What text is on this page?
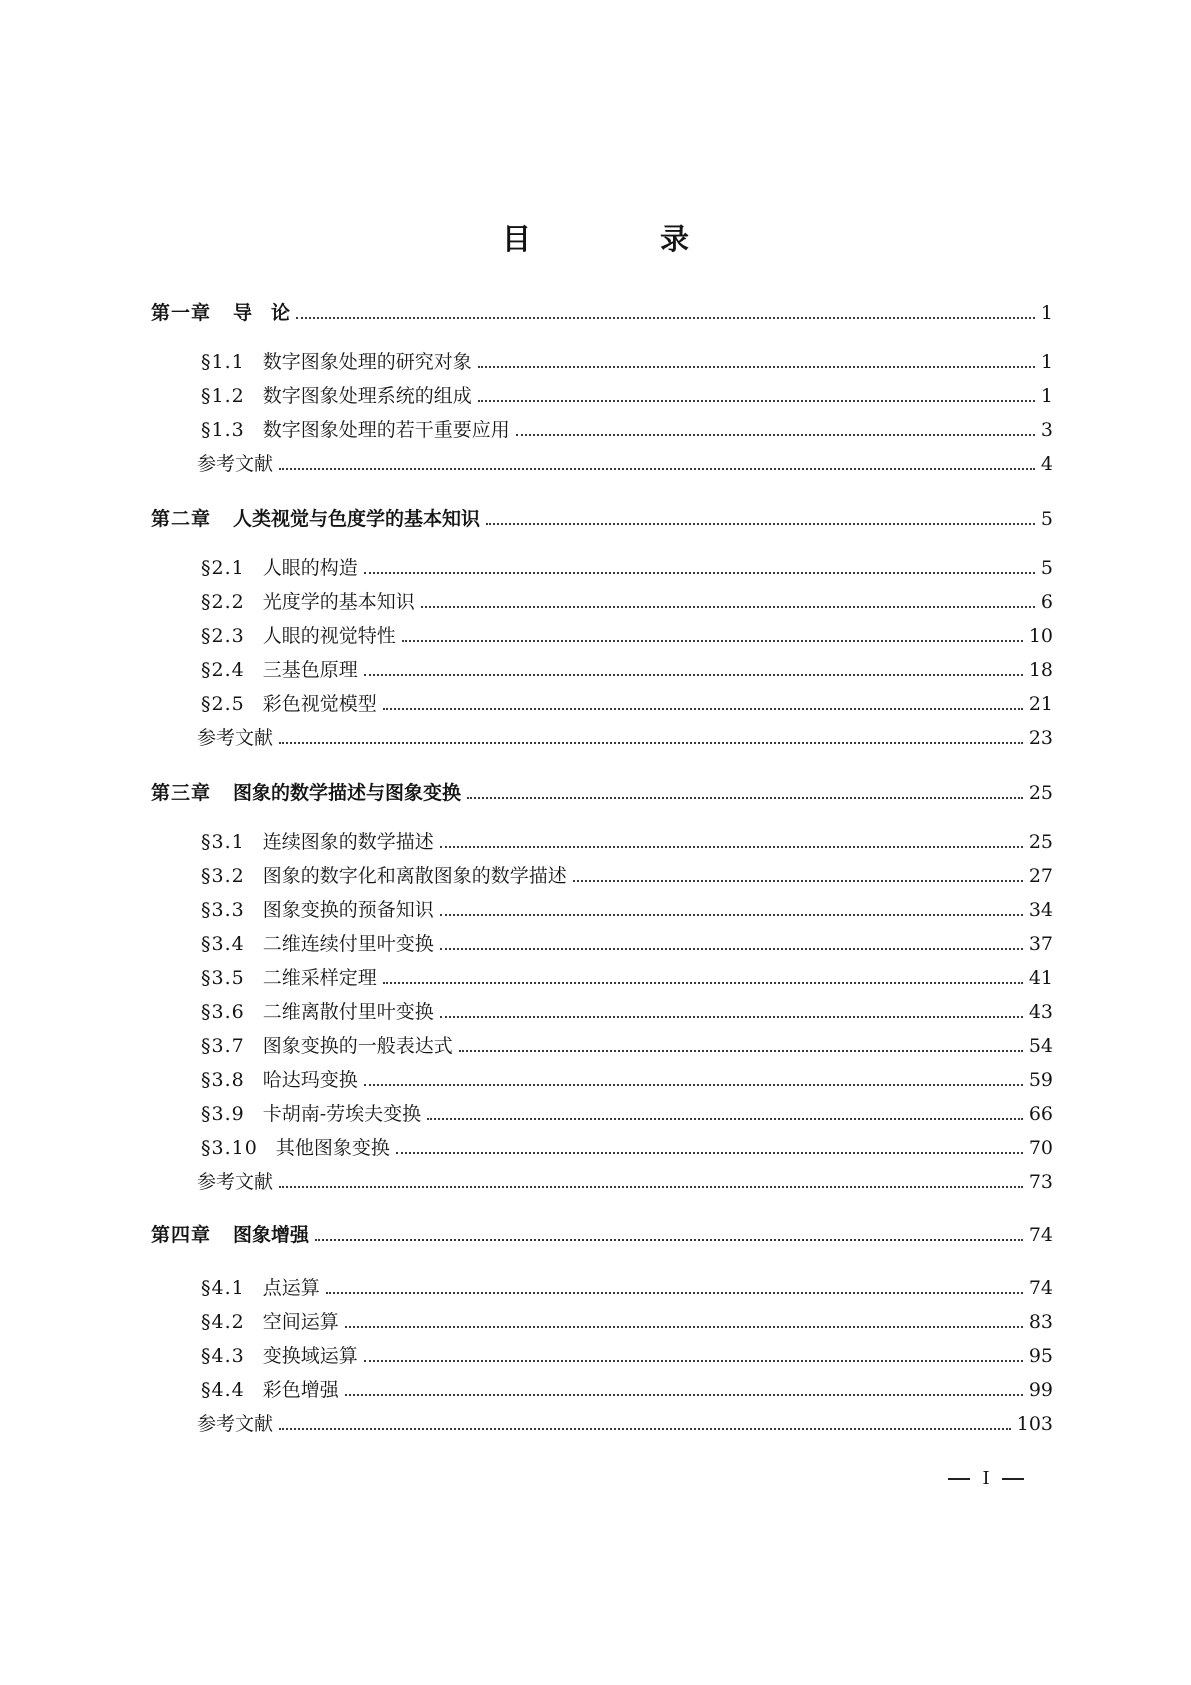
目　录
第一章 导　论	1
§1.1 数字图象处理的研究对象	1
§1.2 数字图象处理系统的组成	1
§1.3 数字图象处理的若干重要应用	3
参考文献	4
第二章 人类视觉与色度学的基本知识	5
§2.1 人眼的构造	5
§2.2 光度学的基本知识	6
§2.3 人眼的视觉特性	10
§2.4 三基色原理	18
§2.5 彩色视觉模型	21
参考文献	23
第三章 图象的数学描述与图象变换	25
§3.1 连续图象的数学描述	25
§3.2 图象的数字化和离散图象的数学描述	27
§3.3 图象变换的预备知识	34
§3.4 二维连续付里叶变换	37
§3.5 二维采样定理	41
§3.6 二维离散付里叶变换	43
§3.7 图象变换的一般表达式	54
§3.8 哈达玛变换	59
§3.9 卡胡南-劳埃夫变换	66
§3.10 其他图象变换	70
参考文献	73
第四章 图象增强	74
§4.1 点运算	74
§4.2 空间运算	83
§4.3 变换域运算	95
§4.4 彩色增强	99
参考文献	103
I
